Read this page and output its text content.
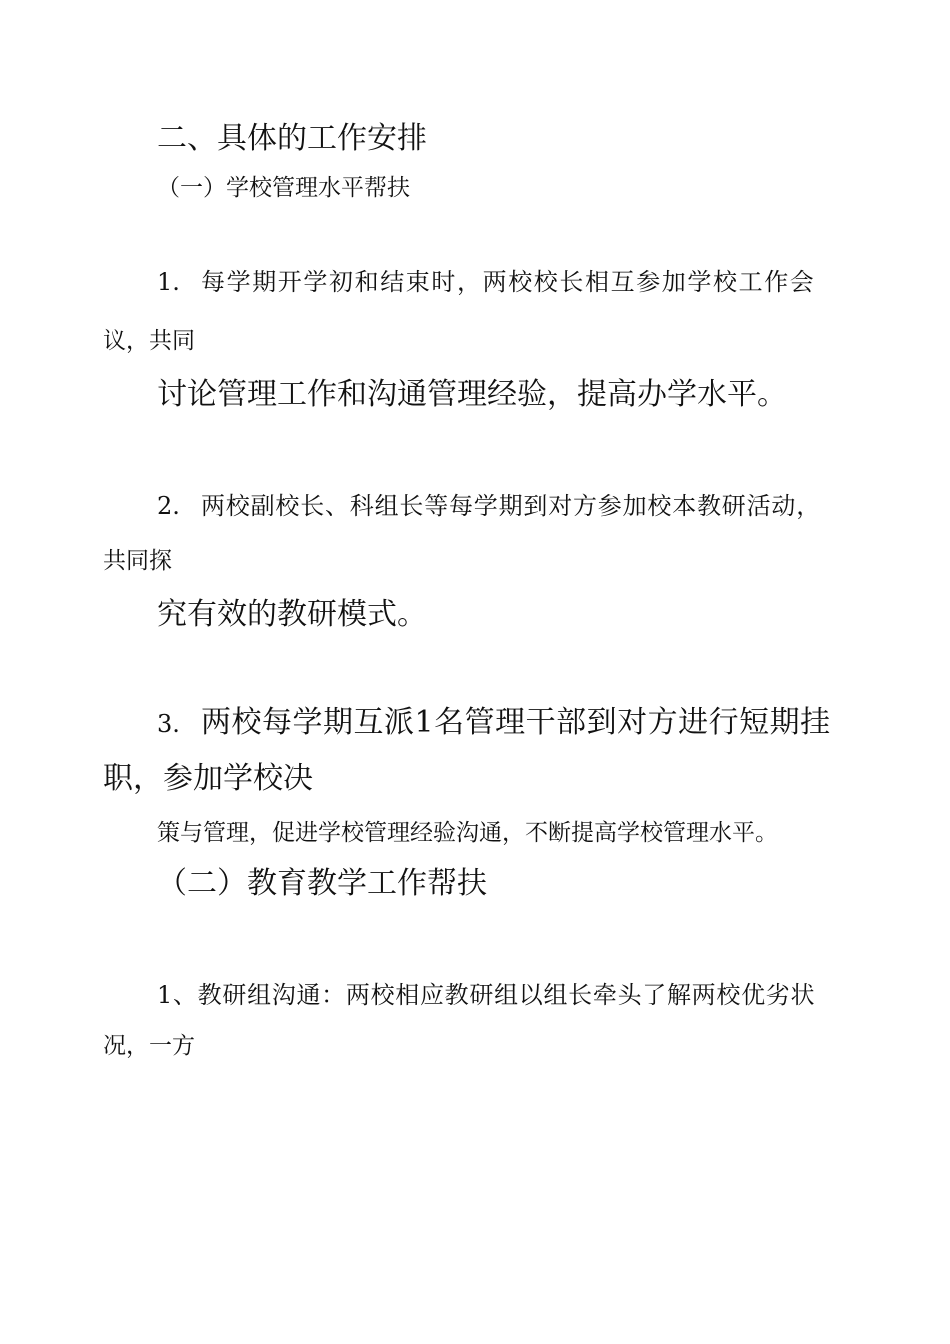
二、具体的工作安排
（一）学校管理水平帮扶
1. 每学期开学初和结束时，两校校长相互参加学校工作会
议，共同
讨论管理工作和沟通管理经验，提高办学水平。
2. 两校副校长、科组长等每学期到对方参加校本教研活动，
共同探
究有效的教研模式。
3. 两校每学期互派1名管理干部到对方进行短期挂
职，参加学校决
策与管理，促进学校管理经验沟通，不断提高学校管理水平。
（二）教育教学工作帮扶
1、教研组沟通：两校相应教研组以组长牵头了解两校优劣状
况，一方
